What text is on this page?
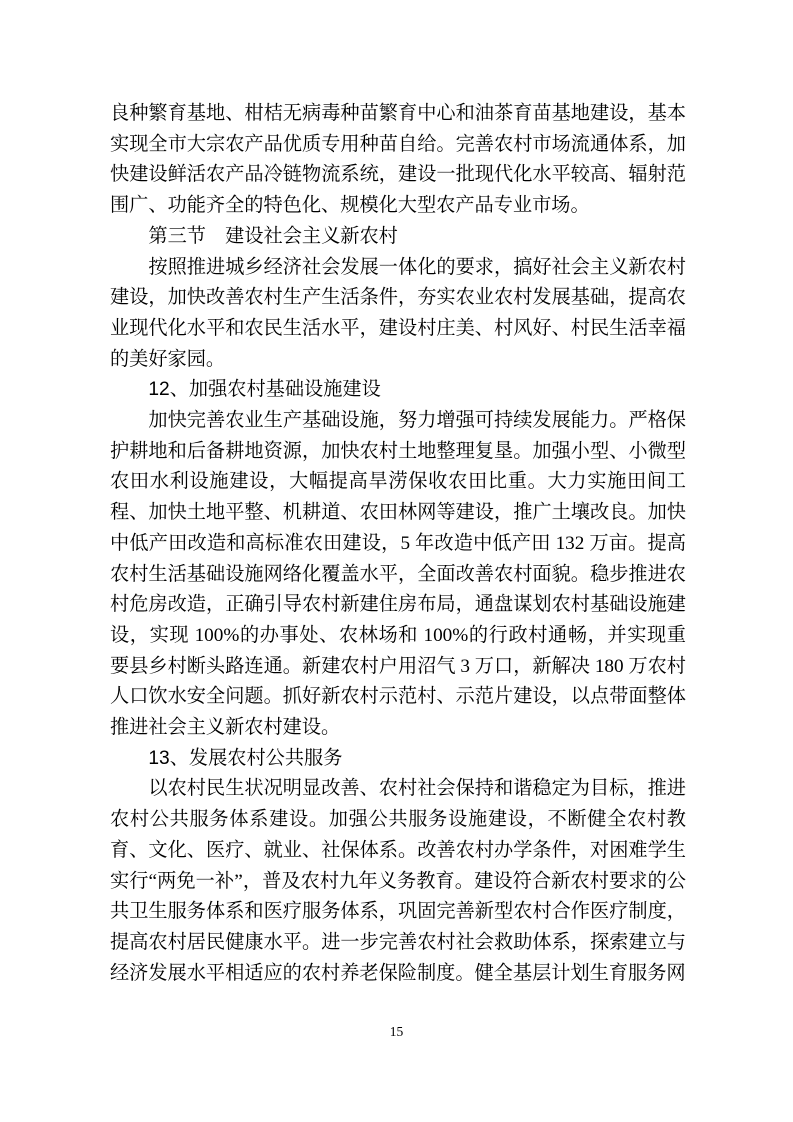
良种繁育基地、柑桔无病毒种苗繁育中心和油茶育苗基地建设，基本实现全市大宗农产品优质专用种苗自给。完善农村市场流通体系，加快建设鲜活农产品冷链物流系统，建设一批现代化水平较高、辐射范围广、功能齐全的特色化、规模化大型农产品专业市场。

第三节　建设社会主义新农村

按照推进城乡经济社会发展一体化的要求，搞好社会主义新农村建设，加快改善农村生产生活条件，夯实农业农村发展基础，提高农业现代化水平和农民生活水平，建设村庄美、村风好、村民生活幸福的美好家园。

12、加强农村基础设施建设

加快完善农业生产基础设施，努力增强可持续发展能力。严格保护耕地和后备耕地资源，加快农村土地整理复垦。加强小型、小微型农田水利设施建设，大幅提高旱涝保收农田比重。大力实施田间工程、加快土地平整、机耕道、农田林网等建设，推广土壤改良。加快中低产田改造和高标准农田建设，5 年改造中低产田 132 万亩。提高农村生活基础设施网络化覆盖水平，全面改善农村面貌。稳步推进农村危房改造，正确引导农村新建住房布局，通盘谋划农村基础设施建设，实现 100%的办事处、农林场和 100%的行政村通畅，并实现重要县乡村断头路连通。新建农村户用沼气 3 万口，新解决 180 万农村人口饮水安全问题。抓好新农村示范村、示范片建设，以点带面整体推进社会主义新农村建设。

13、发展农村公共服务

以农村民生状况明显改善、农村社会保持和谐稳定为目标，推进农村公共服务体系建设。加强公共服务设施建设，不断健全农村教育、文化、医疗、就业、社保体系。改善农村办学条件，对困难学生实行“两免一补”，普及农村九年义务教育。建设符合新农村要求的公共卫生服务体系和医疗服务体系，巩固完善新型农村合作医疗制度，提高农村居民健康水平。进一步完善农村社会救助体系，探索建立与经济发展水平相适应的农村养老保险制度。健全基层计划生育服务网

15
